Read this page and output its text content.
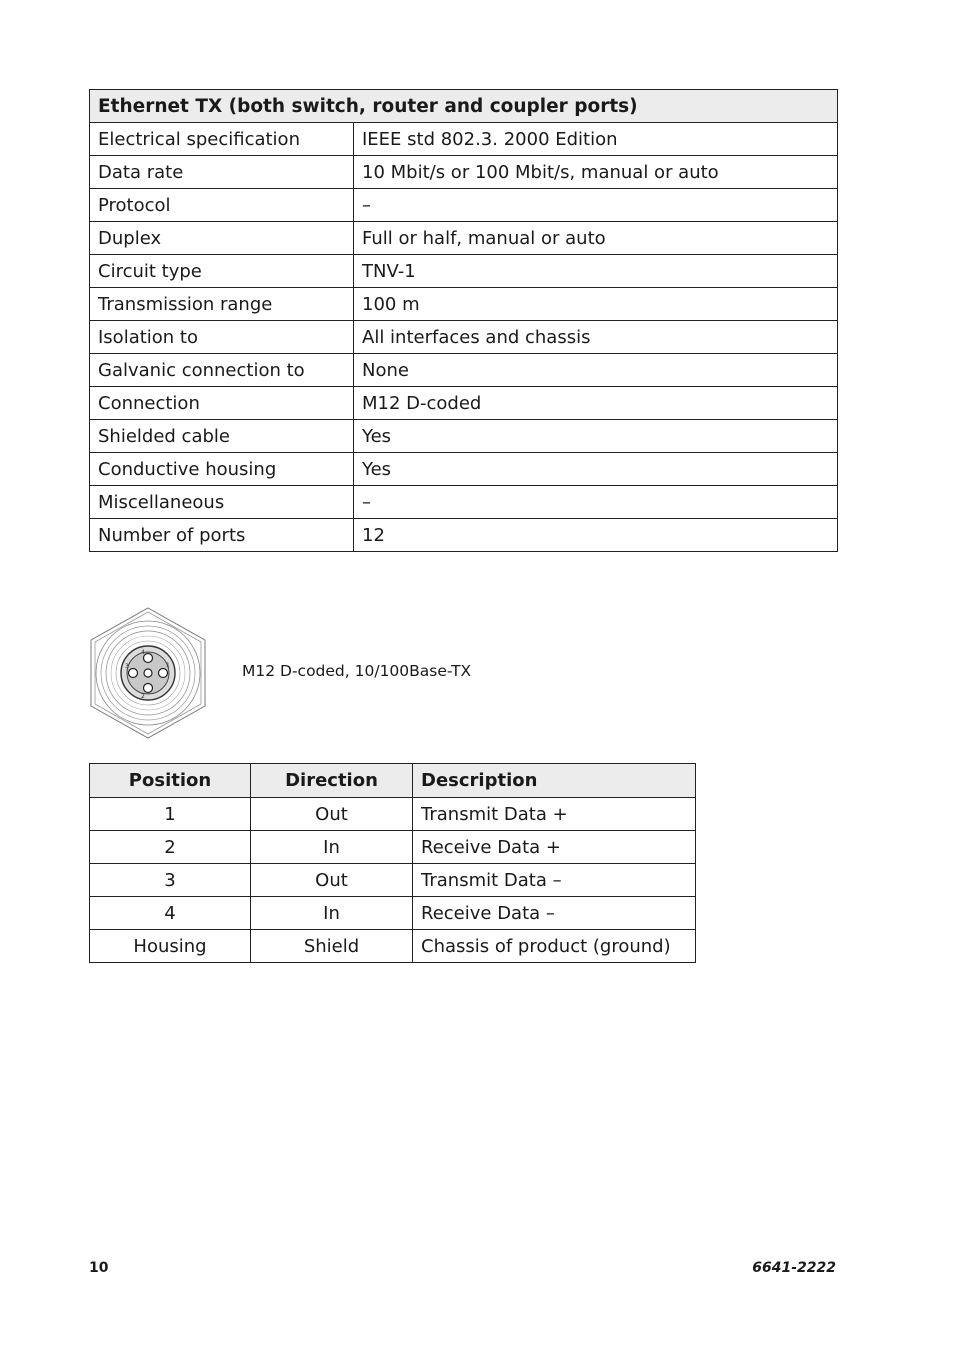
Ethernet TX (both switch, router and coupler ports)	
Electrical specification	IEEE std 802.3. 2000 Edition
Data rate	10 Mbit/s or 100 Mbit/s, manual or auto
Protocol	–
Duplex	Full or half, manual or auto
Circuit type	TNV-1
Transmission range	100 m
Isolation to	All interfaces and chassis
Galvanic connection to	None
Connection	M12 D-coded
Shielded cable	Yes
Conductive housing	Yes
Miscellaneous	–
Number of ports	12
4
1
2
3	M12 D-coded, 10/100Base-TX
Position	Direction	Description
1	Out	Transmit Data +
2	In	Receive Data +
3	Out	Transmit Data –
4	In	Receive Data –
Housing	Shield	Chassis of product (ground)
10	6641-2222
